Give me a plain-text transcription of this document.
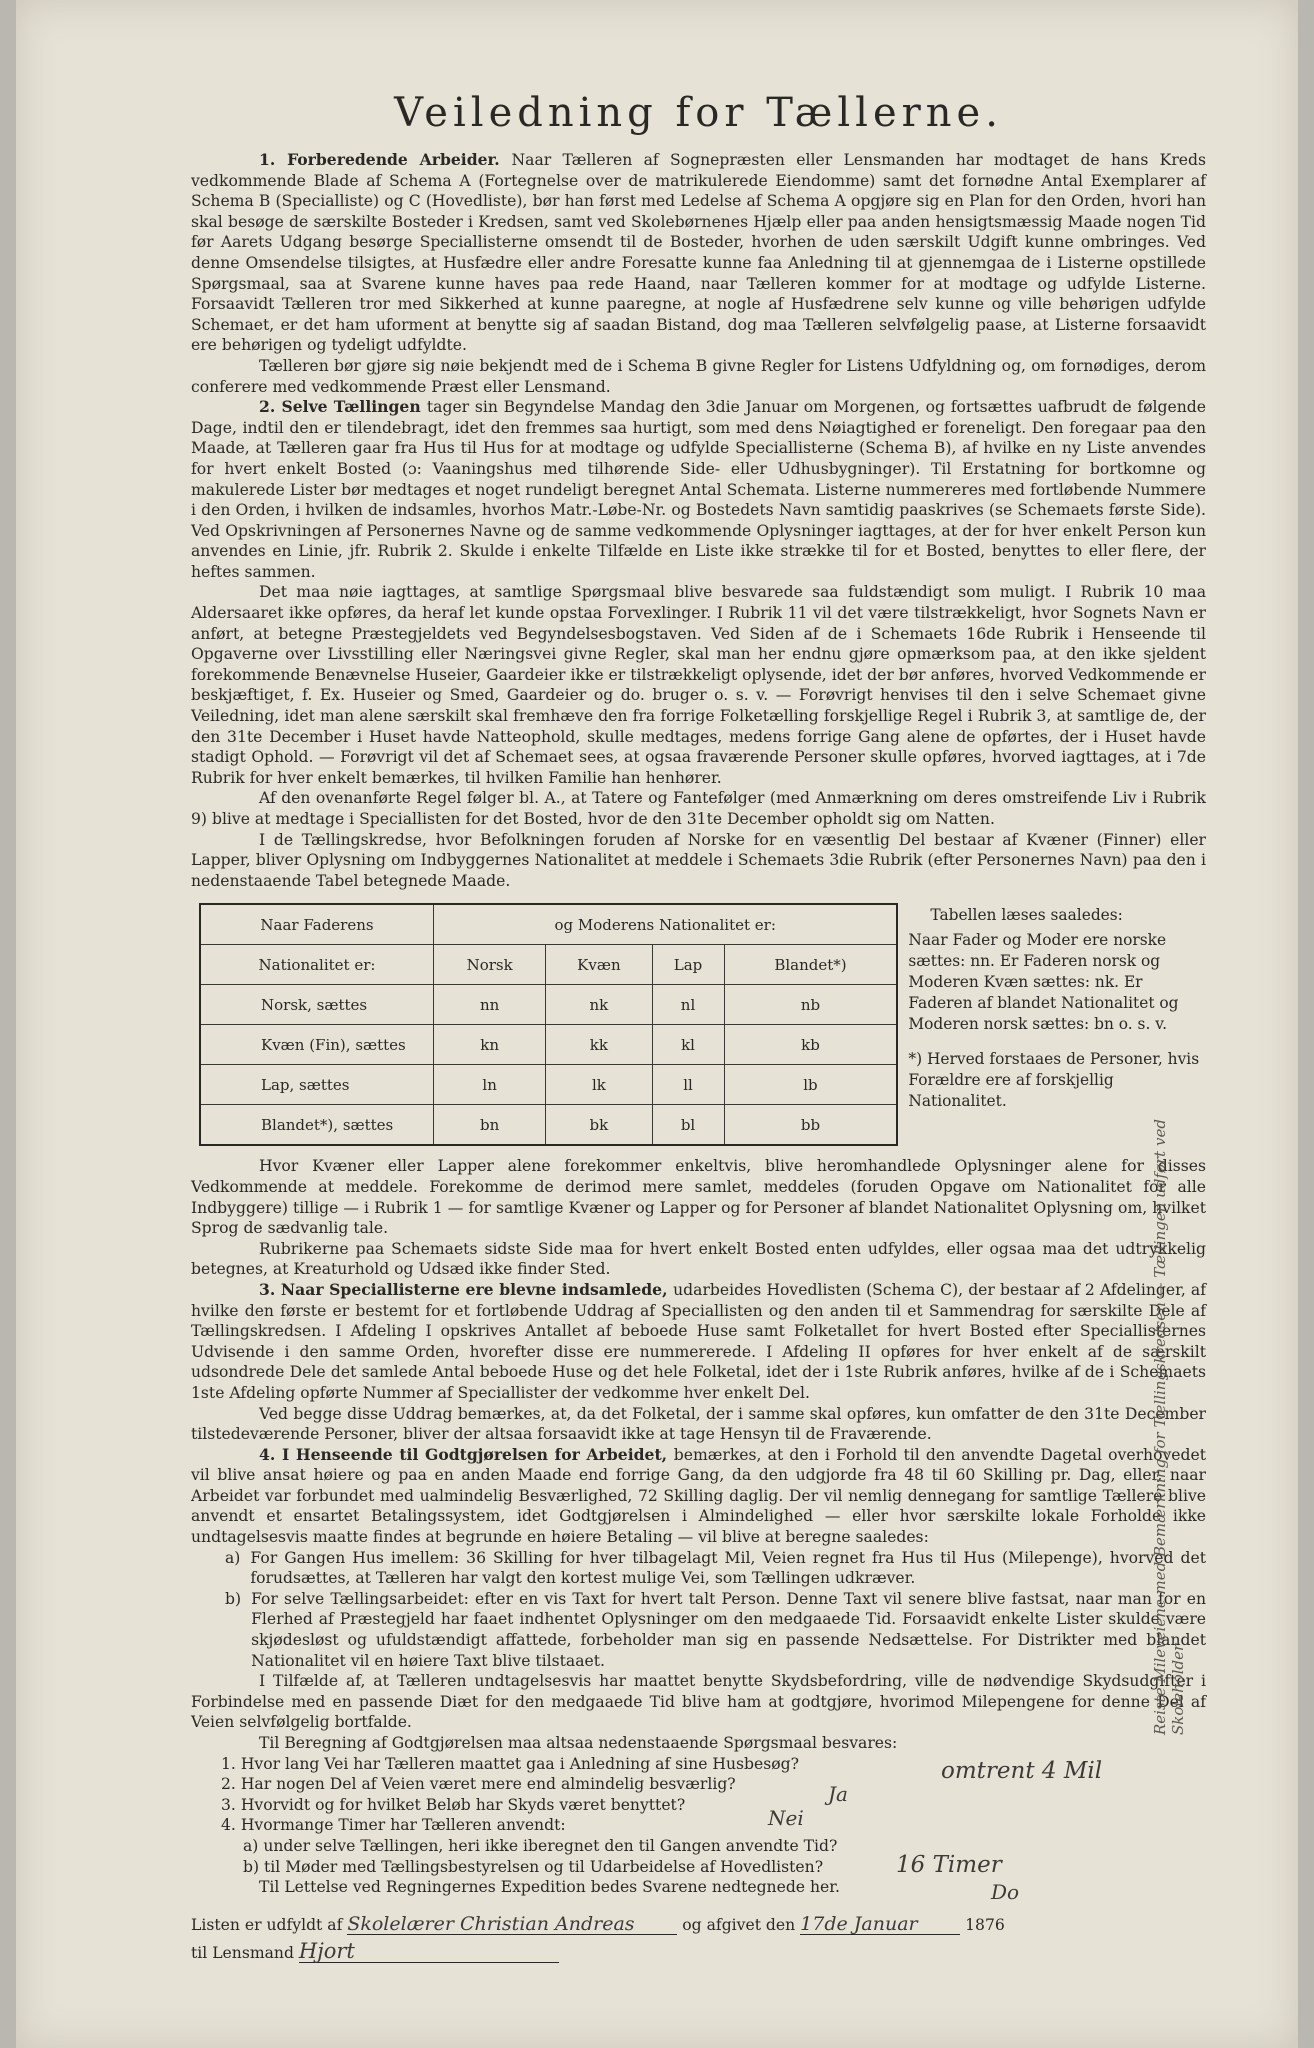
Veiledning for Tællerne.

1. Forberedende Arbeider. Naar Tælleren af Sognepræsten eller Lensmanden har modtaget de hans Kreds vedkommende Blade af Schema A (Fortegnelse over de matrikulerede Eiendomme) samt det fornødne Antal Exemplarer af Schema B (Specialliste) og C (Hovedliste), bør han først med Ledelse af Schema A opgjøre sig en Plan for den Orden, hvori han skal besøge de særskilte Bosteder i Kredsen, samt ved Skolebørnenes Hjælp eller paa anden hensigtsmæssig Maade nogen Tid før Aarets Udgang besørge Speciallisterne omsendt til de Bosteder, hvorhen de uden særskilt Udgift kunne ombringes. Ved denne Omsendelse tilsigtes, at Husfædre eller andre Foresatte kunne faa Anledning til at gjennemgaa de i Listerne opstillede Spørgsmaal, saa at Svarene kunne haves paa rede Haand, naar Tælleren kommer for at modtage og udfylde Listerne. Forsaavidt Tælleren tror med Sikkerhed at kunne paaregne, at nogle af Husfædrene selv kunne og ville behørigen udfylde Schemaet, er det ham uforment at benytte sig af saadan Bistand, dog maa Tælleren selvfølgelig paase, at Listerne forsaavidt ere behørigen og tydeligt udfyldte.

Tælleren bør gjøre sig nøie bekjendt med de i Schema B givne Regler for Listens Udfyldning og, om fornødiges, derom conferere med vedkommende Præst eller Lensmand.

2. Selve Tællingen tager sin Begyndelse Mandag den 3die Januar om Morgenen, og fortsættes uafbrudt de følgende Dage, indtil den er tilendebragt, idet den fremmes saa hurtigt, som med dens Nøiagtighed er foreneligt. Den foregaar paa den Maade, at Tælleren gaar fra Hus til Hus for at modtage og udfylde Speciallisterne (Schema B), af hvilke en ny Liste anvendes for hvert enkelt Bosted (ɔ: Vaaningshus med tilhørende Side- eller Udhusbygninger). Til Erstatning for bortkomne og makulerede Lister bør medtages et noget rundeligt beregnet Antal Schemata. Listerne nummereres med fortløbende Nummere i den Orden, i hvilken de indsamles, hvorhos Matr.-Løbe-Nr. og Bostedets Navn samtidig paaskrives (se Schemaets første Side). Ved Opskrivningen af Personernes Navne og de samme vedkommende Oplysninger iagttages, at der for hver enkelt Person kun anvendes en Linie, jfr. Rubrik 2. Skulde i enkelte Tilfælde en Liste ikke strække til for et Bosted, benyttes to eller flere, der heftes sammen.

Det maa nøie iagttages, at samtlige Spørgsmaal blive besvarede saa fuldstændigt som muligt. I Rubrik 10 maa Aldersaaret ikke opføres, da heraf let kunde opstaa Forvexlinger. I Rubrik 11 vil det være tilstrækkeligt, hvor Sognets Navn er anført, at betegne Præstegjeldets ved Begyndelsesbogstaven. Ved Siden af de i Schemaets 16de Rubrik i Henseende til Opgaverne over Livsstilling eller Næringsvei givne Regler, skal man her endnu gjøre opmærksom paa, at den ikke sjeldent forekommende Benævnelse Huseier, Gaardeier ikke er tilstrækkeligt oplysende, idet der bør anføres, hvorved Vedkommende er beskjæftiget, f. Ex. Huseier og Smed, Gaardeier og do. bruger o. s. v. — Forøvrigt henvises til den i selve Schemaet givne Veiledning, idet man alene særskilt skal fremhæve den fra forrige Folketælling forskjellige Regel i Rubrik 3, at samtlige de, der den 31te December i Huset havde Natteophold, skulle medtages, medens forrige Gang alene de opførtes, der i Huset havde stadigt Ophold. — Forøvrigt vil det af Schemaet sees, at ogsaa fraværende Personer skulle opføres, hvorved iagttages, at i 7de Rubrik for hver enkelt bemærkes, til hvilken Familie han henhører.

Af den ovenanførte Regel følger bl. A., at Tatere og Fantefølger (med Anmærkning om deres omstreifende Liv i Rubrik 9) blive at medtage i Speciallisten for det Bosted, hvor de den 31te December opholdt sig om Natten.

I de Tællingskredse, hvor Befolkningen foruden af Norske for en væsentlig Del bestaar af Kvæner (Finner) eller Lapper, bliver Oplysning om Indbyggernes Nationalitet at meddele i Schemaets 3die Rubrik (efter Personernes Navn) paa den i nedenstaaende Tabel betegnede Maade.

Naar Faderens	og Moderens Nationalitet er:			
Nationalitet er:	Norsk	Kvæn	Lap	Blandet*)
Norsk, sættes	nn	nk	nl	nb
Kvæn (Fin), sættes	kn	kk	kl	kb
Lap, sættes	ln	lk	ll	lb
Blandet*), sættes	bn	bk	bl	bb
Tabellen læses saaledes:
Naar Fader og Moder ere norske sættes: nn. Er Faderen norsk og Moderen Kvæn sættes: nk. Er Faderen af blandet Nationalitet og Moderen norsk sættes: bn o. s. v.
*) Herved forstaaes de Personer, hvis Forældre ere af forskjellig Nationalitet.

Hvor Kvæner eller Lapper alene forekommer enkeltvis, blive heromhandlede Oplysninger alene for disses Vedkommende at meddele. Forekomme de derimod mere samlet, meddeles (foruden Opgave om Nationalitet for alle Indbyggere) tillige — i Rubrik 1 — for samtlige Kvæner og Lapper og for Personer af blandet Nationalitet Oplysning om, hvilket Sprog de sædvanlig tale.

Rubrikerne paa Schemaets sidste Side maa for hvert enkelt Bosted enten udfyldes, eller ogsaa maa det udtrykkelig betegnes, at Kreaturhold og Udsæd ikke finder Sted.

3. Naar Speciallisterne ere blevne indsamlede, udarbeides Hovedlisten (Schema C), der bestaar af 2 Afdelinger, af hvilke den første er bestemt for et fortløbende Uddrag af Speciallisten og den anden til et Sammendrag for særskilte Dele af Tællingskredsen. I Afdeling I opskrives Antallet af beboede Huse samt Folketallet for hvert Bosted efter Speciallisternes Udvisende i den samme Orden, hvorefter disse ere nummererede. I Afdeling II opføres for hver enkelt af de særskilt udsondrede Dele det samlede Antal beboede Huse og det hele Folketal, idet der i 1ste Rubrik anføres, hvilke af de i Schemaets 1ste Afdeling opførte Nummer af Speciallister der vedkomme hver enkelt Del.

Ved begge disse Uddrag bemærkes, at, da det Folketal, der i samme skal opføres, kun omfatter de den 31te December tilstedeværende Personer, bliver der altsaa forsaavidt ikke at tage Hensyn til de Fraværende.

4. I Henseende til Godtgjørelsen for Arbeidet, bemærkes, at den i Forhold til den anvendte Dagetal overhovedet vil blive ansat høiere og paa en anden Maade end forrige Gang, da den udgjorde fra 48 til 60 Skilling pr. Dag, eller, naar Arbeidet var forbundet med ualmindelig Besværlighed, 72 Skilling daglig. Der vil nemlig dennegang for samtlige Tællere blive anvendt et ensartet Betalingssystem, idet Godtgjørelsen i Almindelighed — eller hvor særskilte lokale Forholde ikke undtagelsesvis maatte findes at begrunde en høiere Betaling — vil blive at beregne saaledes:

a) For Gangen Hus imellem: 36 Skilling for hver tilbagelagt Mil, Veien regnet fra Hus til Hus (Milepenge), hvorved det forudsættes, at Tælleren har valgt den kortest mulige Vei, som Tællingen udkræver.
b) For selve Tællingsarbeidet: efter en vis Taxt for hvert talt Person. Denne Taxt vil senere blive fastsat, naar man for en Flerhed af Præstegjeld har faaet indhentet Oplysninger om den medgaaede Tid. Forsaavidt enkelte Lister skulde være skjødesløst og ufuldstændigt affattede, forbeholder man sig en passende Nedsættelse. For Distrikter med blandet Nationalitet vil en høiere Taxt blive tilstaaet.

I Tilfælde af, at Tælleren undtagelsesvis har maattet benytte Skydsbefordring, ville de nødvendige Skydsudgifter i Forbindelse med en passende Diæt for den medgaaede Tid blive ham at godtgjøre, hvorimod Milepengene for denne Del af Veien selvfølgelig bortfalde.

Til Beregning af Godtgjørelsen maa altsaa nedenstaaende Spørgsmaal besvares:

1. Hvor lang Vei har Tælleren maattet gaa i Anledning af sine Husbesøg?
2. Har nogen Del af Veien været mere end almindelig besværlig?
3. Hvorvidt og for hvilket Beløb har Skyds været benyttet?
4. Hvormange Timer har Tælleren anvendt:
a) under selve Tællingen, heri ikke iberegnet den til Gangen anvendte Tid?
b) til Møder med Tællingsbestyrelsen og til Udarbeidelse af Hovedlisten?

Til Lettelse ved Regningernes Expedition bedes Svarene nedtegnede her.

Listen er udfyldt af Skolelærer Christian Andreas	og afgivet den 17de Januar	1876
til Lensmand Hjort
omtrent 4 Mil
Ja
Nei
16 Timer
Do
Reiste Mileveiene med Bemærkning for Tællingskredsen — Tællingen udført ved Skoleholder
